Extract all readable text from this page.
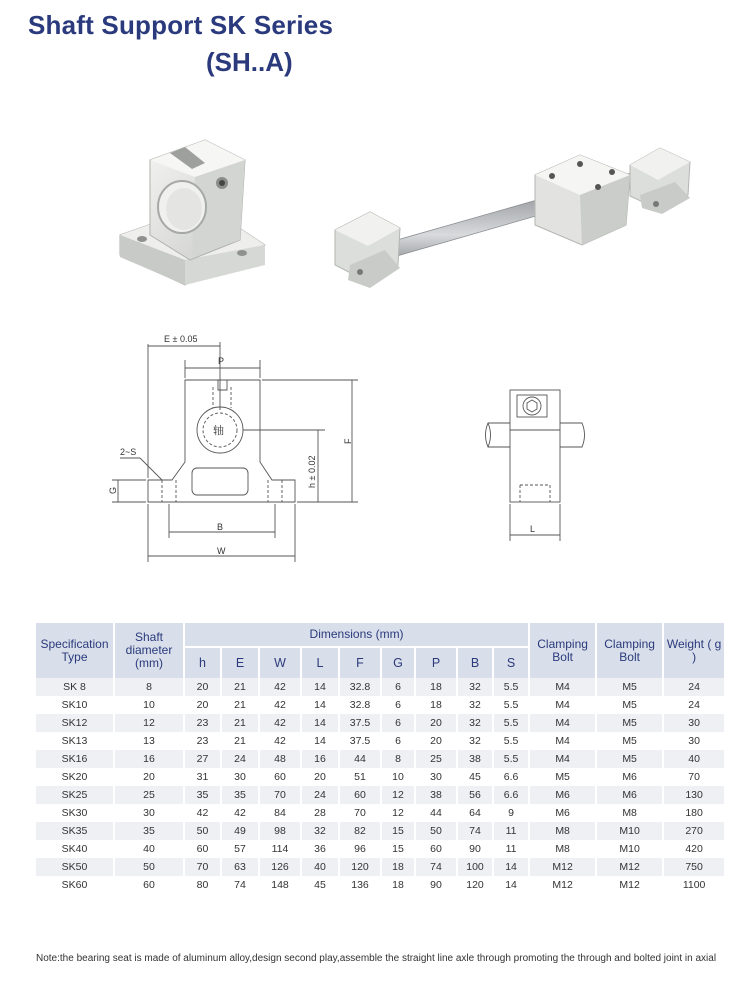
Shaft Support SK Series
(SH..A)
E ± 0.05
P
2~S
G
B
W
h ± 0.02
F
轴
L
Specification Type	Shaft diameter (mm)	Dimensions (mm)									Clamping Bolt	Clamping Bolt	Weight ( g )
		h	E	W	L	F	G	P	B	S			
SK 8	8	20	21	42	14	32.8	6	18	32	5.5	M4	M5	24
SK10	10	20	21	42	14	32.8	6	18	32	5.5	M4	M5	24
SK12	12	23	21	42	14	37.5	6	20	32	5.5	M4	M5	30
SK13	13	23	21	42	14	37.5	6	20	32	5.5	M4	M5	30
SK16	16	27	24	48	16	44	8	25	38	5.5	M4	M5	40
SK20	20	31	30	60	20	51	10	30	45	6.6	M5	M6	70
SK25	25	35	35	70	24	60	12	38	56	6.6	M6	M6	130
SK30	30	42	42	84	28	70	12	44	64	9	M6	M8	180
SK35	35	50	49	98	32	82	15	50	74	11	M8	M10	270
SK40	40	60	57	114	36	96	15	60	90	11	M8	M10	420
SK50	50	70	63	126	40	120	18	74	100	14	M12	M12	750
SK60	60	80	74	148	45	136	18	90	120	14	M12	M12	1100

Note:the bearing seat is made of aluminum alloy,design second play,assemble the straight line axle through promoting the through and bolted joint in axial
